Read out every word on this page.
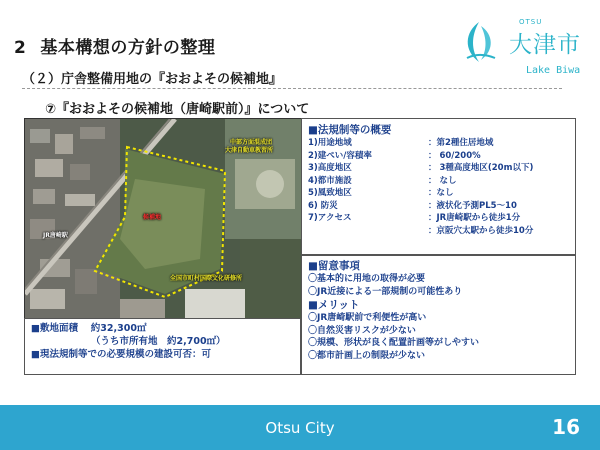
2 基本構想の方針の整理
OTSU
大津市
Lake Biwa
（２）庁舎整備用地の『おおよその候補地』
⑦『おおよその候補地（唐崎駅前）』について
中部方面混成団
大津自動車教習所
候補地
JR唐崎駅
全国市町村国際文化研修所
■法規制等の概要
1)用途地域	：第2種住居地域
2)建ぺい/容積率	： 60/200%
3)高度地区	： 3種高度地区(20m以下)
4)都市施設	： なし
5)風致地区	：なし
6) 防災	：液状化予測PL5～10
7)アクセス	：JR唐崎駅から徒歩1分
：京阪穴太駅から徒歩10分
■留意事項
〇基本的に用地の取得が必要
〇JR近接による一部規制の可能性あり
■メリット
〇JR唐崎駅前で利便性が高い
〇自然災害リスクが少ない
〇規模、形状が良く配置計画等がしやすい
〇都市計画上の制限が少ない
■敷地面積　 約32,300㎡
（うち市所有地　約2,700㎡）
■現法規制等での必要規模の建設可否：可
Otsu City	16
